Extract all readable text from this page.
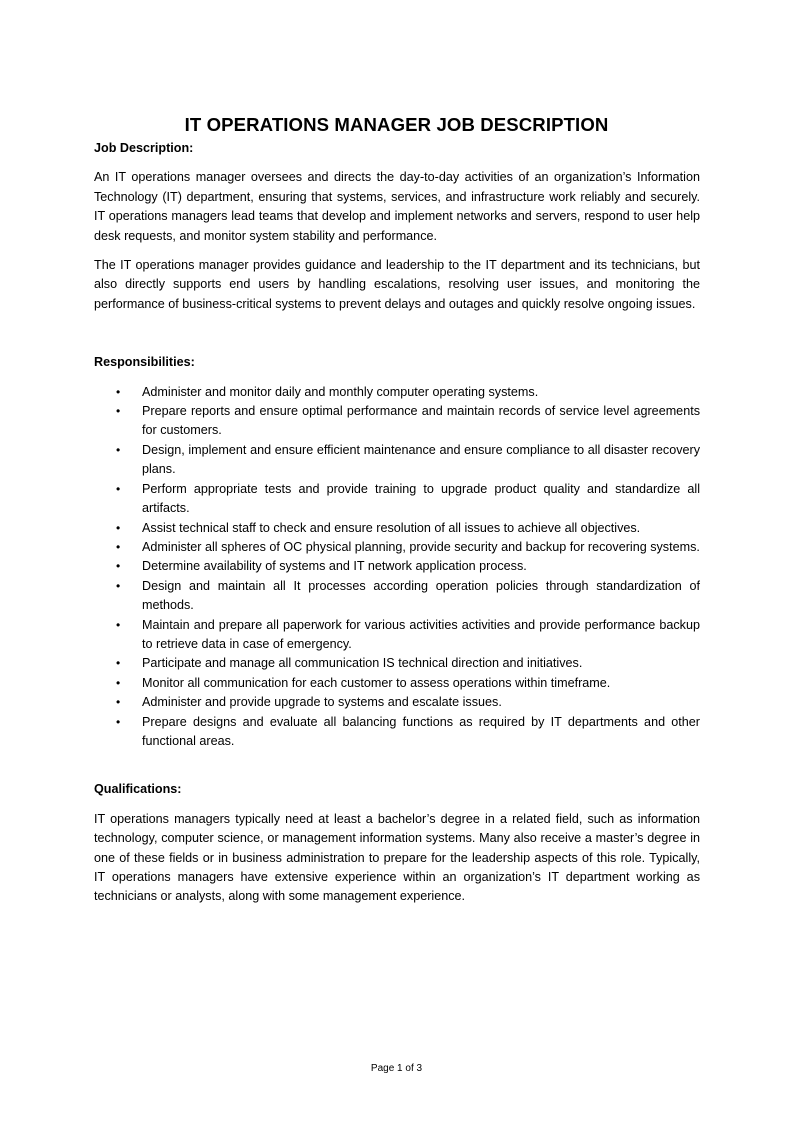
IT OPERATIONS MANAGER JOB DESCRIPTION

Job Description:

An IT operations manager oversees and directs the day-to-day activities of an organization’s Information Technology (IT) department, ensuring that systems, services, and infrastructure work reliably and securely. IT operations managers lead teams that develop and implement networks and servers, respond to user help desk requests, and monitor system stability and performance.

The IT operations manager provides guidance and leadership to the IT department and its technicians, but also directly supports end users by handling escalations, resolving user issues, and monitoring the performance of business-critical systems to prevent delays and outages and quickly resolve ongoing issues.

Responsibilities:

•	Administer and monitor daily and monthly computer operating systems.
•	Prepare reports and ensure optimal performance and maintain records of service level agreements for customers.
•	Design, implement and ensure efficient maintenance and ensure compliance to all disaster recovery plans.
•	Perform appropriate tests and provide training to upgrade product quality and standardize all artifacts.
•	Assist technical staff to check and ensure resolution of all issues to achieve all objectives.
•	Administer all spheres of OC physical planning, provide security and backup for recovering systems.
•	Determine availability of systems and IT network application process.
•	Design and maintain all It processes according operation policies through standardization of methods.
•	Maintain and prepare all paperwork for various activities activities and provide performance backup to retrieve data in case of emergency.
•	Participate and manage all communication IS technical direction and initiatives.
•	Monitor all communication for each customer to assess operations within timeframe.
•	Administer and provide upgrade to systems and escalate issues.
•	Prepare designs and evaluate all balancing functions as required by IT departments and other functional areas.

Qualifications:

IT operations managers typically need at least a bachelor’s degree in a related field, such as information technology, computer science, or management information systems. Many also receive a master’s degree in one of these fields or in business administration to prepare for the leadership aspects of this role. Typically, IT operations managers have extensive experience within an organization’s IT department working as technicians or analysts, along with some management experience.

Page 1 of 3
